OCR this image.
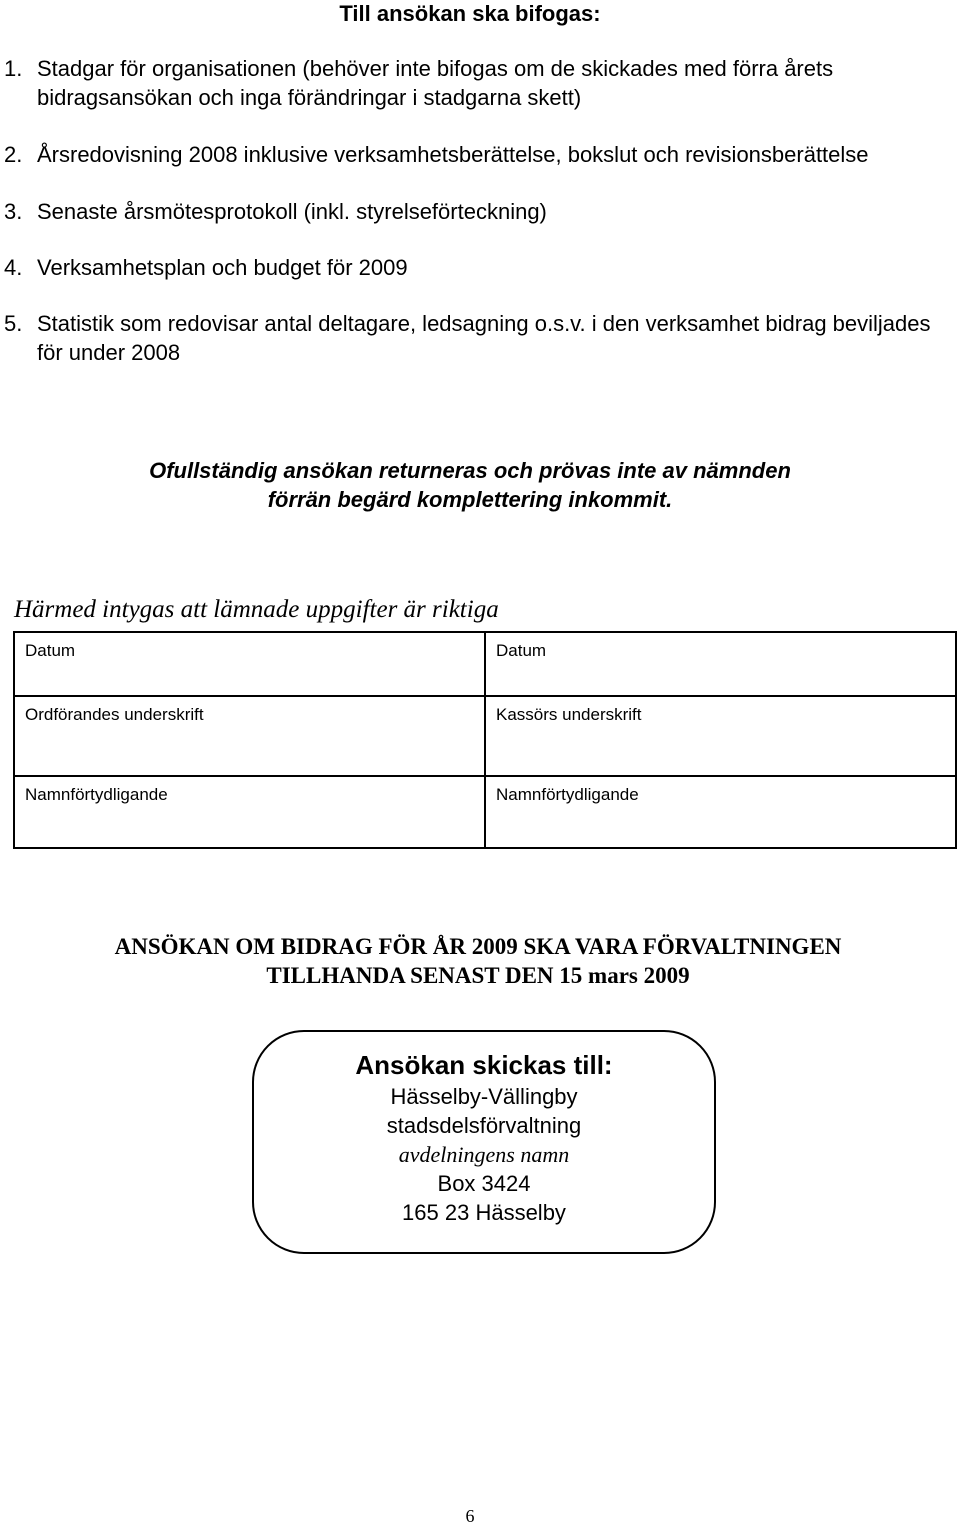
Till ansökan ska bifogas:
1. Stadgar för organisationen (behöver inte bifogas om de skickades med förra årets bidragsansökan och inga förändringar i stadgarna skett)
2. Årsredovisning 2008 inklusive verksamhetsberättelse, bokslut och revisionsberättelse
3. Senaste årsmötesprotokoll (inkl. styrelseförteckning)
4. Verksamhetsplan och budget för 2009
5. Statistik som redovisar antal deltagare, ledsagning o.s.v. i den verksamhet bidrag beviljades för under 2008
Ofullständig ansökan returneras och prövas inte av nämnden
förrän begärd komplettering inkommit.
Härmed intygas att lämnade uppgifter är riktiga
Datum	Datum
Ordförandes underskrift	Kassörs underskrift
Namnförtydligande	Namnförtydligande
ANSÖKAN OM BIDRAG FÖR ÅR 2009 SKA VARA FÖRVALTNINGEN
TILLHANDA SENAST DEN 15 mars 2009
Ansökan skickas till:
Hässelby-Vällingby
stadsdelsförvaltning
avdelningens namn
Box 3424
165 23 Hässelby
6
